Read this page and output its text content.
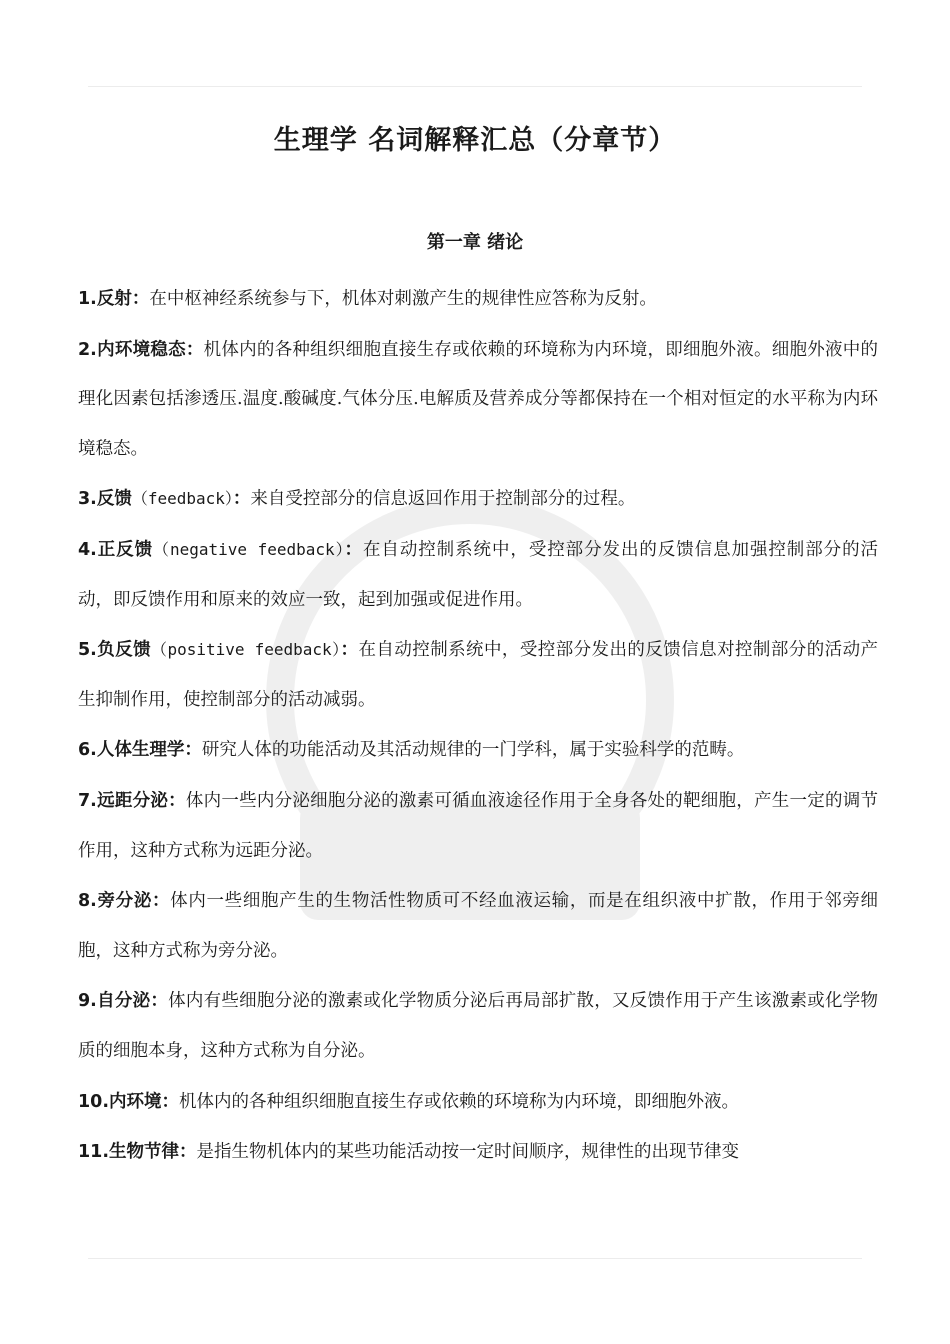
生理学 名词解释汇总（分章节）
第一章 绪论

1.反射：在中枢神经系统参与下，机体对刺激产生的规律性应答称为反射。

2.内环境稳态：机体内的各种组织细胞直接生存或依赖的环境称为内环境，即细胞外液。细胞外液中的理化因素包括渗透压.温度.酸碱度.气体分压.电解质及营养成分等都保持在一个相对恒定的水平称为内环境稳态。

3.反馈（feedback）：来自受控部分的信息返回作用于控制部分的过程。

4.正反馈（negative feedback）：在自动控制系统中，受控部分发出的反馈信息加强控制部分的活动，即反馈作用和原来的效应一致，起到加强或促进作用。

5.负反馈（positive feedback）：在自动控制系统中，受控部分发出的反馈信息对控制部分的活动产生抑制作用，使控制部分的活动减弱。

6.人体生理学：研究人体的功能活动及其活动规律的一门学科，属于实验科学的范畴。

7.远距分泌：体内一些内分泌细胞分泌的激素可循血液途径作用于全身各处的靶细胞，产生一定的调节作用，这种方式称为远距分泌。

8.旁分泌：体内一些细胞产生的生物活性物质可不经血液运输，而是在组织液中扩散，作用于邻旁细胞，这种方式称为旁分泌。

9.自分泌：体内有些细胞分泌的激素或化学物质分泌后再局部扩散，又反馈作用于产生该激素或化学物质的细胞本身，这种方式称为自分泌。

10.内环境：机体内的各种组织细胞直接生存或依赖的环境称为内环境，即细胞外液。

11.生物节律：是指生物机体内的某些功能活动按一定时间顺序，规律性的出现节律变
